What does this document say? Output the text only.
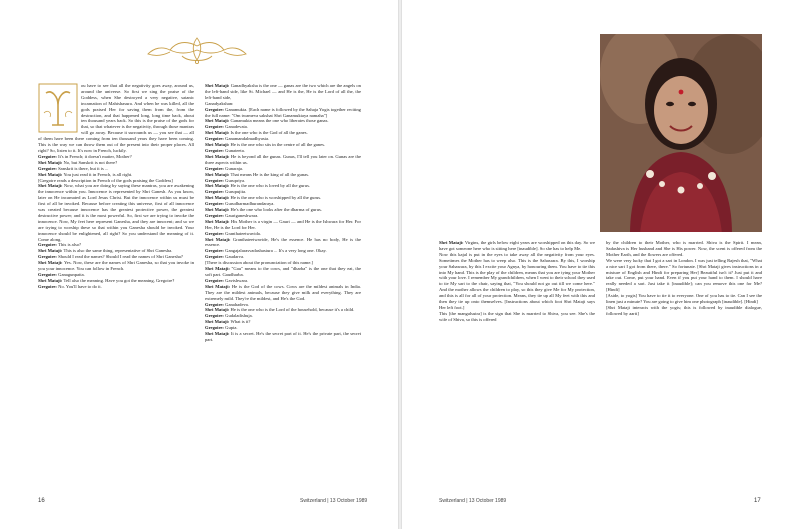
ou have to see that all the negativity goes away, around us, around the universe. So first we sing the praise of the Goddess, when She destroyed a very negative, satanic incarnation of Mahishasura. And when he was killed, all the gods praised Her for saving them from the, from the destruction, and that happened long, long time back, about ten thousand years back. So this is the praise of the gods for that, so that whatever is the negativity, through those mantras will go away. Because it surrounds us — you see that — all of them have been there coming from ten thousand years they have been coming. This is the way we can throw them out of the present into their proper places. All right? So, listen to it. It's now in French, luckily.

Gregoire: It's in French; it doesn't matter, Mother?

Shri Mataji: No, but Sanskrit is not there?

Gregoire: Sanskrit is there, but it is ...

Shri Mataji: You just read it in French, is all right.

[Gregoire reads a description in French of the gods praising the Goddess]

Shri Mataji: Now, what you are doing by saying these mantras, you are awakening the innocence within you. Innocence is represented by Shri Ganesh. As you know, later on He incarnated as Lord Jesus Christ. But the innocence within us must be first of all be invoked. Because before creating this universe, first of all innocence was created because innocence has the greatest protective power, the greatest destructive power; and it is the most powerful. So, first we are trying to invoke the innocence. Now, My feet here represent Ganesha, and they are innocent; and so we are trying to worship these so that within you Ganesha should be invoked. Your innocence should be enlightened, all right? So you understand the meaning of it. Come along.

Gregoire: This is also?

Shri Mataji: This is also the same thing, representative of Shri Ganesha.

Gregoire: Should I read the names? Should I read the names of Shri Ganesha?

Shri Mataji: Yes. Now, these are the names of Shri Ganesha, so that you invoke in you your innocence. You can follow in French.

Gregoire: Ganagunpatta.

Shri Mataji: Tell also the meaning. Have you got the meaning, Gregoire?

Gregoire: No. You'll have to do it.

Shri Mataji: Ganadhyaksha is the one — ganas are the two which are the angels on the left-hand side, like St. Michael — and He is the, He is the Lord of all the, the left-hand side,

Ganadyakshan:

Gregoire: Ganamukta. [Each name is followed by the Sahaja Yogis together reciting the full name: "Om twameva sakshat Shri Ganamuktaya namaha"]

Shri Mataji: Ganamukta means the one who liberates those ganas.

Gregoire: Ganadevata.

Shri Mataji: Is the one who is the God of all the ganes.

Gregoire: Ganamandalmadhyasta.

Shri Mataji: He is the one who sits in the centre of all the ganes.

Gregoire: Gunateeta.

Shri Mataji: He is beyond all the gunas. Gunas, I'll tell you later on. Gunas are the three aspects within us.

Gregoire: Gunaraja.

Shri Mataji: That means He is the king of all the gunas.

Gregoire: Gurupriya.

Shri Mataji: He is the one who is loved by all the gurus.

Gregoire: Gurupujita.

Shri Mataji: He is the one who is worshipped by all the gurus.

Gregoire: Gurudharmadhurandaraya.

Shri Mataji: He's the one who looks after the dharma of gurus.

Gregoire: Gauriganeshwara.

Shri Mataji: His Mother is a virgin — Gauri — and He is the Ishwara for Her. For Her, He is the Lord for Her.

Gregoire: Granthateetwavida.

Shri Mataji: Granthateetwavide, He's the essence. He has no body, He is the essence.

Gregoire: Gangajalarasvadashastura ... It's a very long one. Okay.

Gregoire: Gaudarva.

[There is discussion about the pronunciation of this name.]

Shri Mataji: "Gau" means to the cows, and "dharba" is the one that they eat, the soft part. Gaudharba.

Gregoire: Gavishwara.

Shri Mataji: He is the God of the cows. Cows are the mildest animals in India. They are the mildest animals, because they give milk and everything. They are extremely mild. They're the mildest, and He's the God.

Gregoire: Ganahadeva.

Shri Mataji: He is the one who is the Lord of the household, because it's a child.

Gregoire: Gudaladishuja.

Shri Mataji: What is it?

Gregoire: Gupta.

Shri Mataji: It is a secret. He's the secret part of it. He's the private part, the secret part.

16	Switzerland | 13 October 1989

Shri Mataji: Virgins, the girls below eight years are worshipped on this day. So we have got someone here who is sitting here [inaudible]. So she has to help Me.

Now this kajal is put in the eyes to take away all the negativity from your eyes. Sometimes the Mother has to weep also. This is the Sahasrara. By this, I worship your Sahasrara, by this I excite your Agnya, by honouring them. You have to tie this into My hand. This is the play of the children, means that you are tying your Mother with your love. I remember My grandchildren, when I went to their school they used to tie My sari to the chair, saying that, "You should not go out till we come here." And the mother allows the children to play, so this they give Me for My protection, and this is all for all of your protection. Means, they tie up all My feet with this and then they tie up onto themselves. [Instructions about which foot Shri Mataji says Her left foot.]

This [the mangalsutra] is the sign that She is married to Shiva, you see. She's the wife of Shiva, so this is offered

by the children to their Mother, who is married. Shiva is the Spirit. I mean, Sadashiva is Her husband and She is His power. Now, the scent is offered from the Mother Earth, and the flowers are offered.

We were very lucky that I got a sari in London. I was just telling Rajesh that, "What a nice sari I got from there, there." So fortunate. [Shri Mataji gives instructions in a mixture of English and Hindi for preparing Her] Beautiful isn't it? Just put it and take out. Come, put your hand. Even if you put your hand to them. I should have really needed a sari. Just take it [inaudible]; can you remove this one for Me? [Hindi]

[Aside, to yogis] You have to tie it to everyone. One of you has to tie. Can I see the linen just a minute? You are going to give him one photograph [inaudible]. [Hindi]

[Shri Mataji interacts with the yogis; this is followed by inaudible dialogue, followed by aarti]

Switzerland | 13 October 1989	17
